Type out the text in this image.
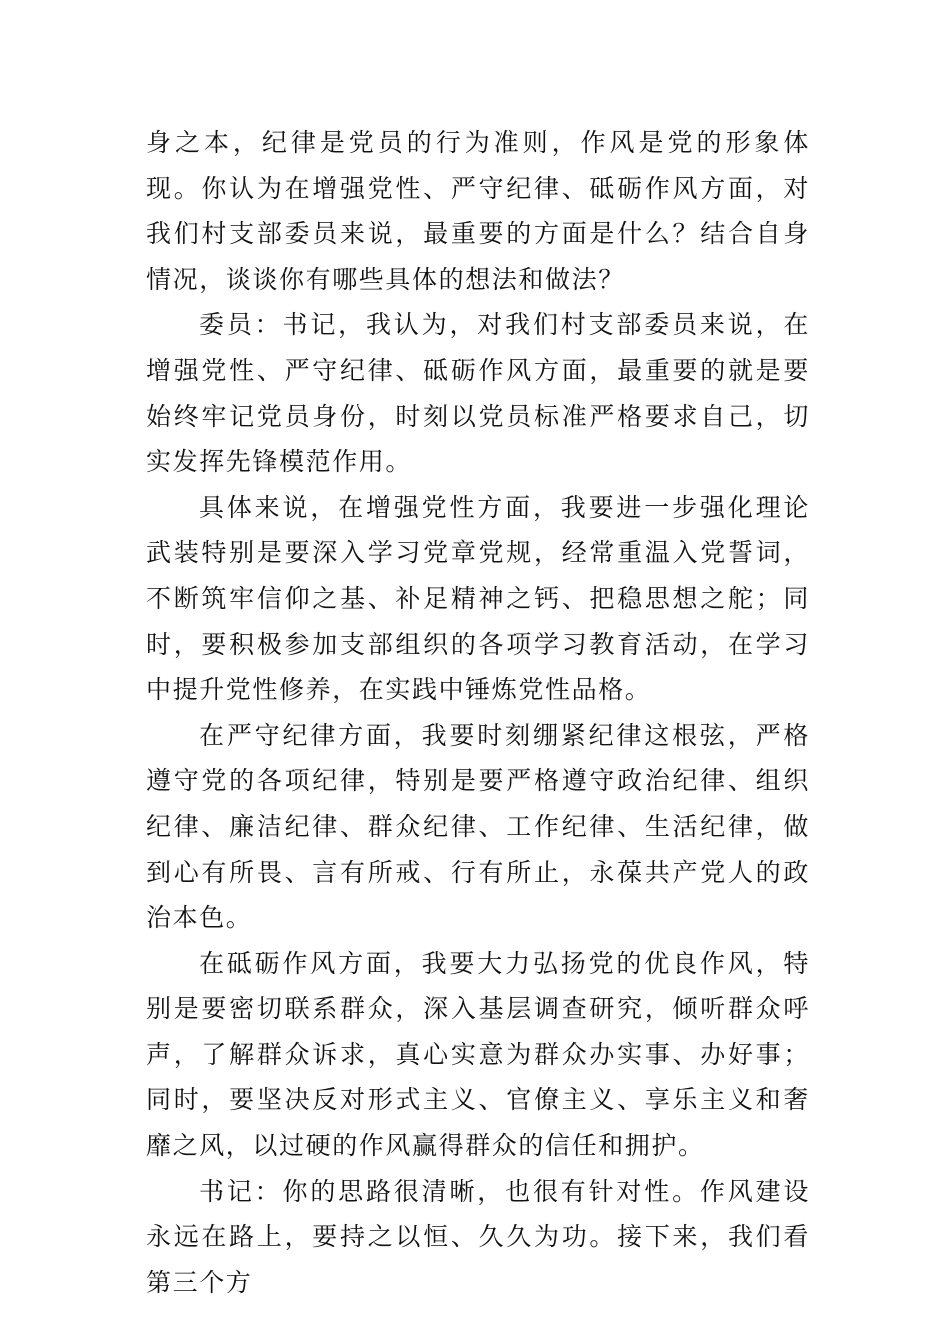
身之本，纪律是党员的行为准则，作风是党的形象体现。你认为在增强党性、严守纪律、砥砺作风方面，对我们村支部委员来说，最重要的方面是什么？结合自身情况，谈谈你有哪些具体的想法和做法？

委员：书记，我认为，对我们村支部委员来说，在增强党性、严守纪律、砥砺作风方面，最重要的就是要始终牢记党员身份，时刻以党员标准严格要求自己，切实发挥先锋模范作用。

具体来说，在增强党性方面，我要进一步强化理论武装特别是要深入学习党章党规，经常重温入党誓词，不断筑牢信仰之基、补足精神之钙、把稳思想之舵；同时，要积极参加支部组织的各项学习教育活动，在学习中提升党性修养，在实践中锤炼党性品格。

在严守纪律方面，我要时刻绷紧纪律这根弦，严格遵守党的各项纪律，特别是要严格遵守政治纪律、组织纪律、廉洁纪律、群众纪律、工作纪律、生活纪律，做到心有所畏、言有所戒、行有所止，永葆共产党人的政治本色。

在砥砺作风方面，我要大力弘扬党的优良作风，特别是要密切联系群众，深入基层调查研究，倾听群众呼声，了解群众诉求，真心实意为群众办实事、办好事；同时，要坚决反对形式主义、官僚主义、享乐主义和奢靡之风，以过硬的作风赢得群众的信任和拥护。

书记：你的思路很清晰，也很有针对性。作风建设永远在路上，要持之以恒、久久为功。接下来，我们看第三个方
